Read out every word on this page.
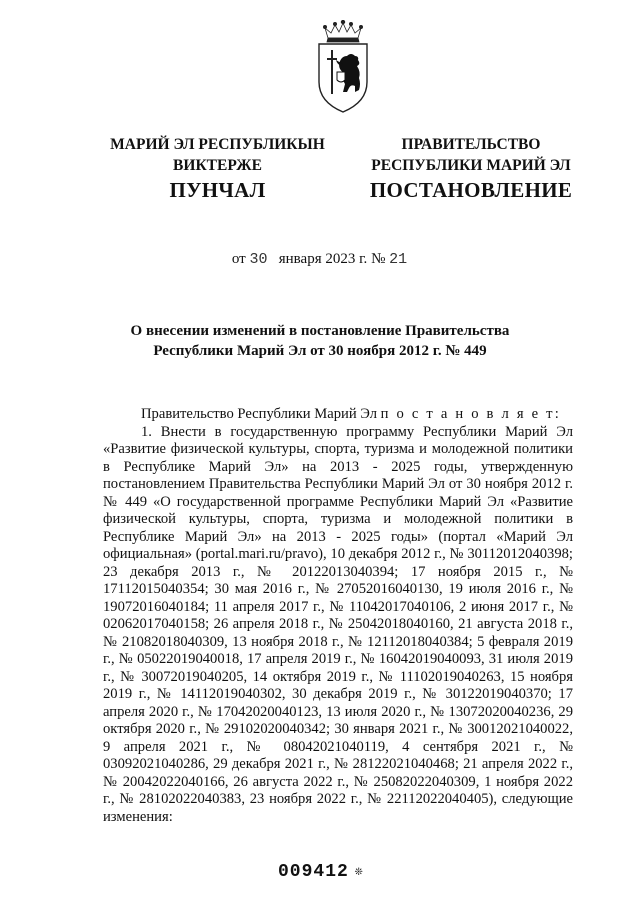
МАРИЙ ЭЛ РЕСПУБЛИКЫН
ВИКТЕРЖЕ
ПРАВИТЕЛЬСТВО
РЕСПУБЛИКИ МАРИЙ ЭЛ
ПУНЧАЛ	ПОСТАНОВЛЕНИЕ
от 30 января 2023 г. № 21
О внесении изменений в постановление Правительства
Республики Марий Эл от 30 ноября 2012 г. № 449

Правительство Республики Марий Эл п о с т а н о в л я е т:

1. Внести в государственную программу Республики Марий Эл «Развитие физической культуры, спорта, туризма и молодежной политики в Республике Марий Эл» на 2013 - 2025 годы, утвержденную постановлением Правительства Республики Марий Эл от 30 ноября 2012 г. № 449 «О государственной программе Республики Марий Эл «Развитие физической культуры, спорта, туризма и молодежной политики в Республике Марий Эл» на 2013 - 2025 годы» (портал «Марий Эл официальная» (portal.mari.ru/pravo), 10 декабря 2012 г., № 30112012040398; 23 декабря 2013 г., № 20122013040394; 17 ноября 2015 г., № 17112015040354; 30 мая 2016 г., № 27052016040130, 19 июля 2016 г., № 19072016040184; 11 апреля 2017 г., № 11042017040106, 2 июня 2017 г., № 02062017040158; 26 апреля 2018 г., № 25042018040160, 21 августа 2018 г., № 21082018040309, 13 ноября 2018 г., № 12112018040384; 5 февраля 2019 г., № 05022019040018, 17 апреля 2019 г., № 16042019040093, 31 июля 2019 г., № 30072019040205, 14 октября 2019 г., № 11102019040263, 15 ноября 2019 г., № 14112019040302, 30 декабря 2019 г., № 30122019040370; 17 апреля 2020 г., № 17042020040123, 13 июля 2020 г., № 13072020040236, 29 октября 2020 г., № 29102020040342; 30 января 2021 г., № 30012021040022, 9 апреля 2021 г., № 08042021040119, 4 сентября 2021 г., № 03092021040286, 29 декабря 2021 г., № 28122021040468; 21 апреля 2022 г., № 20042022040166, 26 августа 2022 г., № 25082022040309, 1 ноября 2022 г., № 28102022040383, 23 ноября 2022 г., № 22112022040405), следующие изменения:

009412 ❊
